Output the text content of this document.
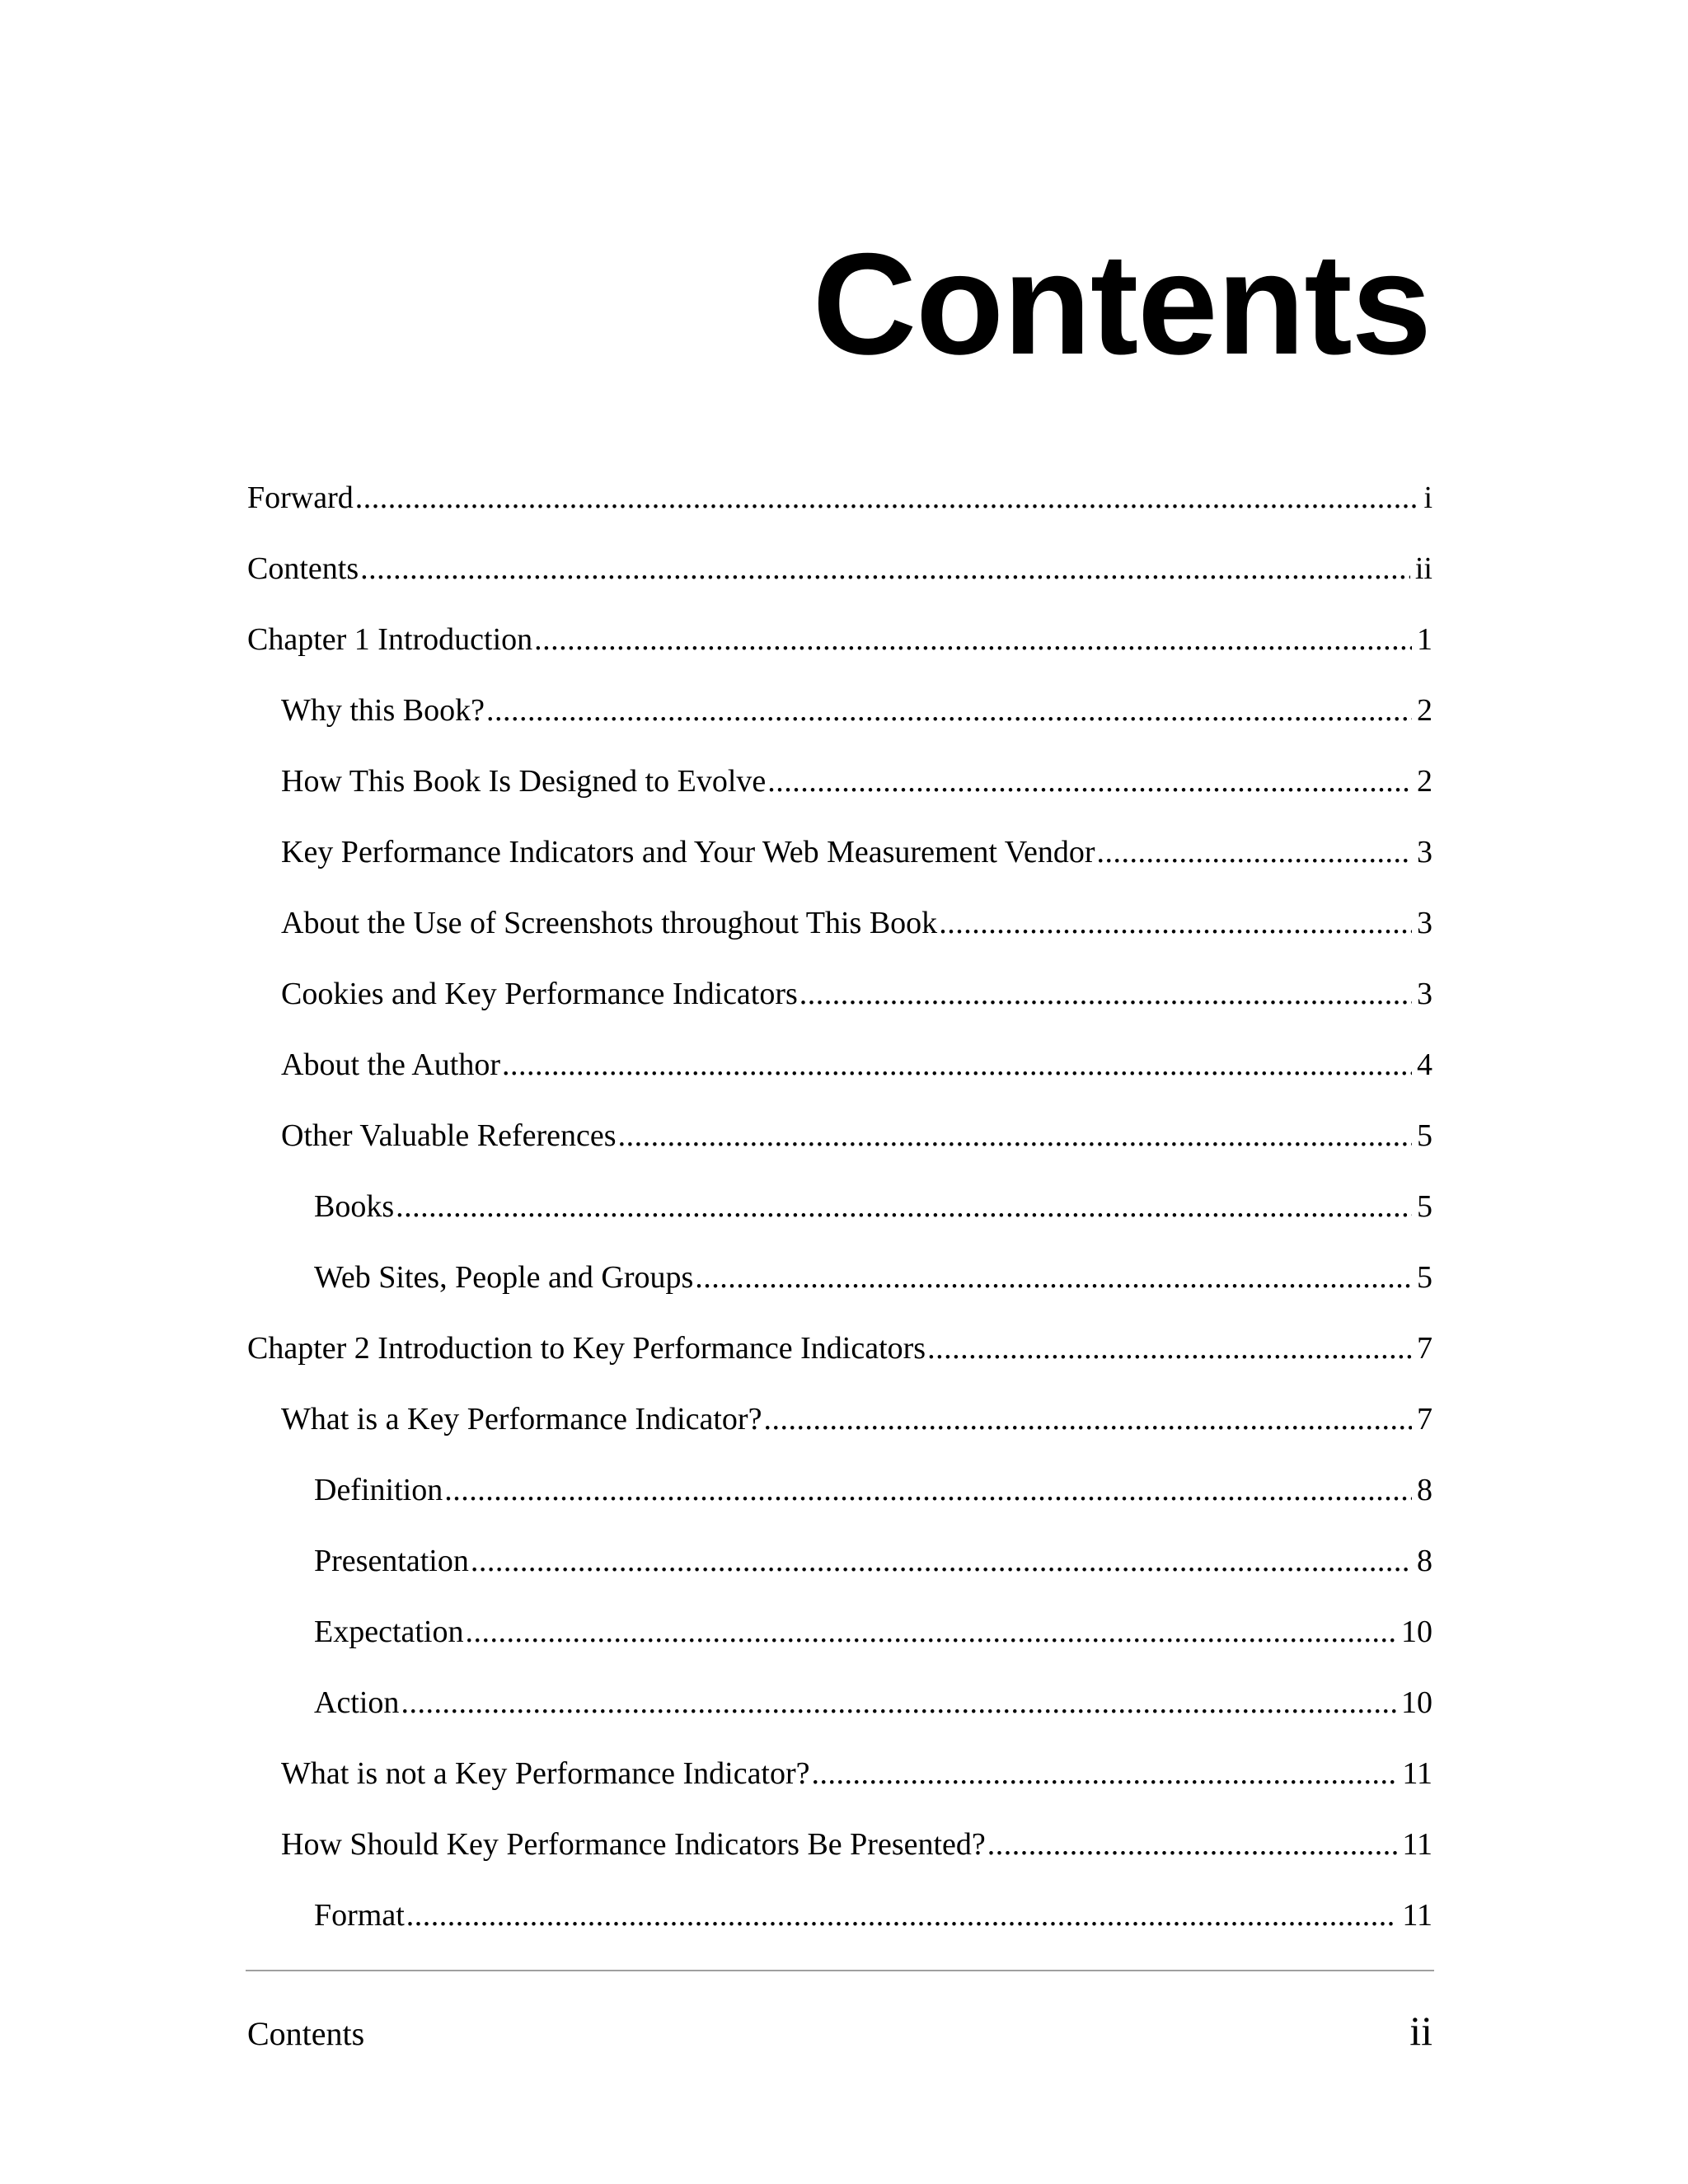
Contents
Forward .....	i
Contents .....	ii
Chapter 1 Introduction .....	1
Why this Book? .....	2
How This Book Is Designed to Evolve .....	2
Key Performance Indicators and Your Web Measurement Vendor .....	3
About the Use of Screenshots throughout This Book .....	3
Cookies and Key Performance Indicators .....	3
About the Author .....	4
Other Valuable References .....	5
Books .....	5
Web Sites, People and Groups .....	5
Chapter 2 Introduction to Key Performance Indicators .....	7
What is a Key Performance Indicator? .....	7
Definition .....	8
Presentation .....	8
Expectation .....	10
Action .....	10
What is not a Key Performance Indicator? .....	11
How Should Key Performance Indicators Be Presented? .....	11
Format .....	11
Contents	ii
